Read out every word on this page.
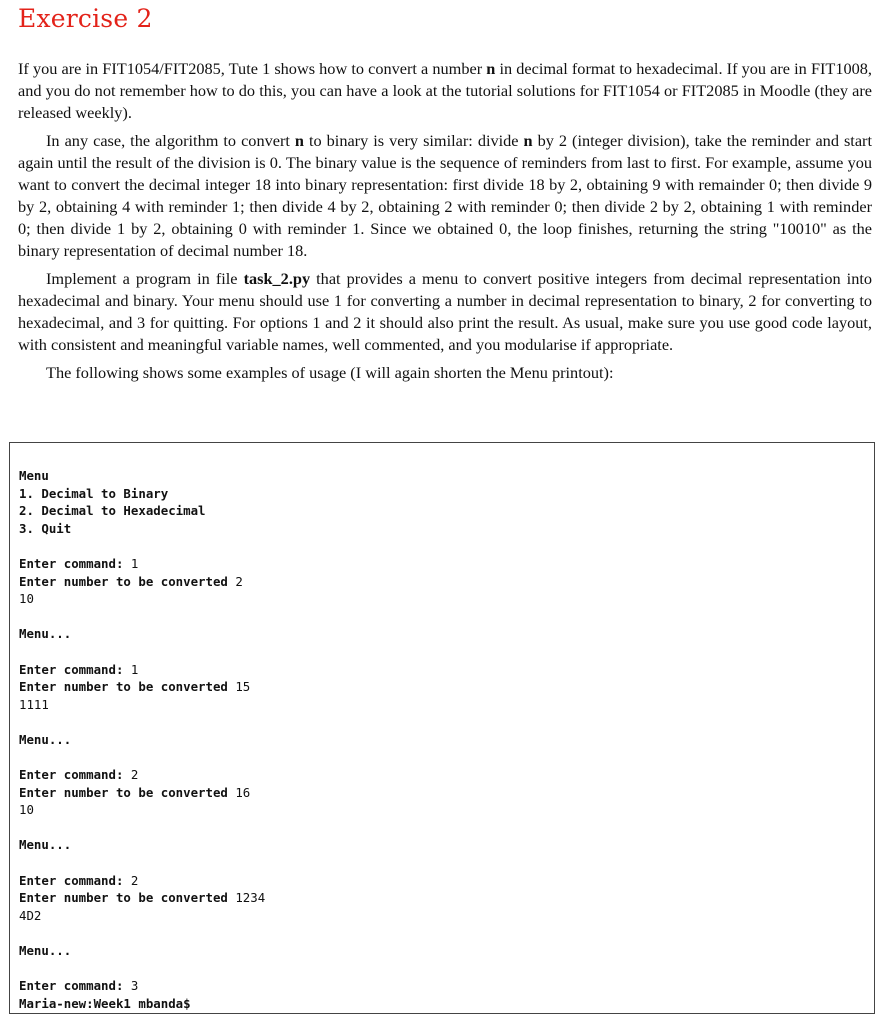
Exercise 2

If you are in FIT1054/FIT2085, Tute 1 shows how to convert a number n in decimal format to hexadecimal. If you are in FIT1008, and you do not remember how to do this, you can have a look at the tutorial solutions for FIT1054 or FIT2085 in Moodle (they are released weekly).

In any case, the algorithm to convert n to binary is very similar: divide n by 2 (integer division), take the reminder and start again until the result of the division is 0. The binary value is the sequence of reminders from last to first. For example, assume you want to convert the decimal integer 18 into binary representation: first divide 18 by 2, obtaining 9 with remainder 0; then divide 9 by 2, obtaining 4 with reminder 1; then divide 4 by 2, obtaining 2 with reminder 0; then divide 2 by 2, obtaining 1 with reminder 0; then divide 1 by 2, obtaining 0 with reminder 1. Since we obtained 0, the loop finishes, returning the string "10010" as the binary representation of decimal number 18.

Implement a program in file task_2.py that provides a menu to convert positive integers from decimal representation into hexadecimal and binary. Your menu should use 1 for converting a number in decimal representation to binary, 2 for converting to hexadecimal, and 3 for quitting. For options 1 and 2 it should also print the result. As usual, make sure you use good code layout, with consistent and meaningful variable names, well commented, and you modularise if appropriate.

The following shows some examples of usage (I will again shorten the Menu printout):

Menu
1. Decimal to Binary
2. Decimal to Hexadecimal
3. Quit
Enter command: 1
Enter number to be converted 2
10
Menu...
Enter command: 1
Enter number to be converted 15
1111
Menu...
Enter command: 2
Enter number to be converted 16
10
Menu...
Enter command: 2
Enter number to be converted 1234
4D2
Menu...
Enter command: 3
Maria-new:Week1 mbanda$
